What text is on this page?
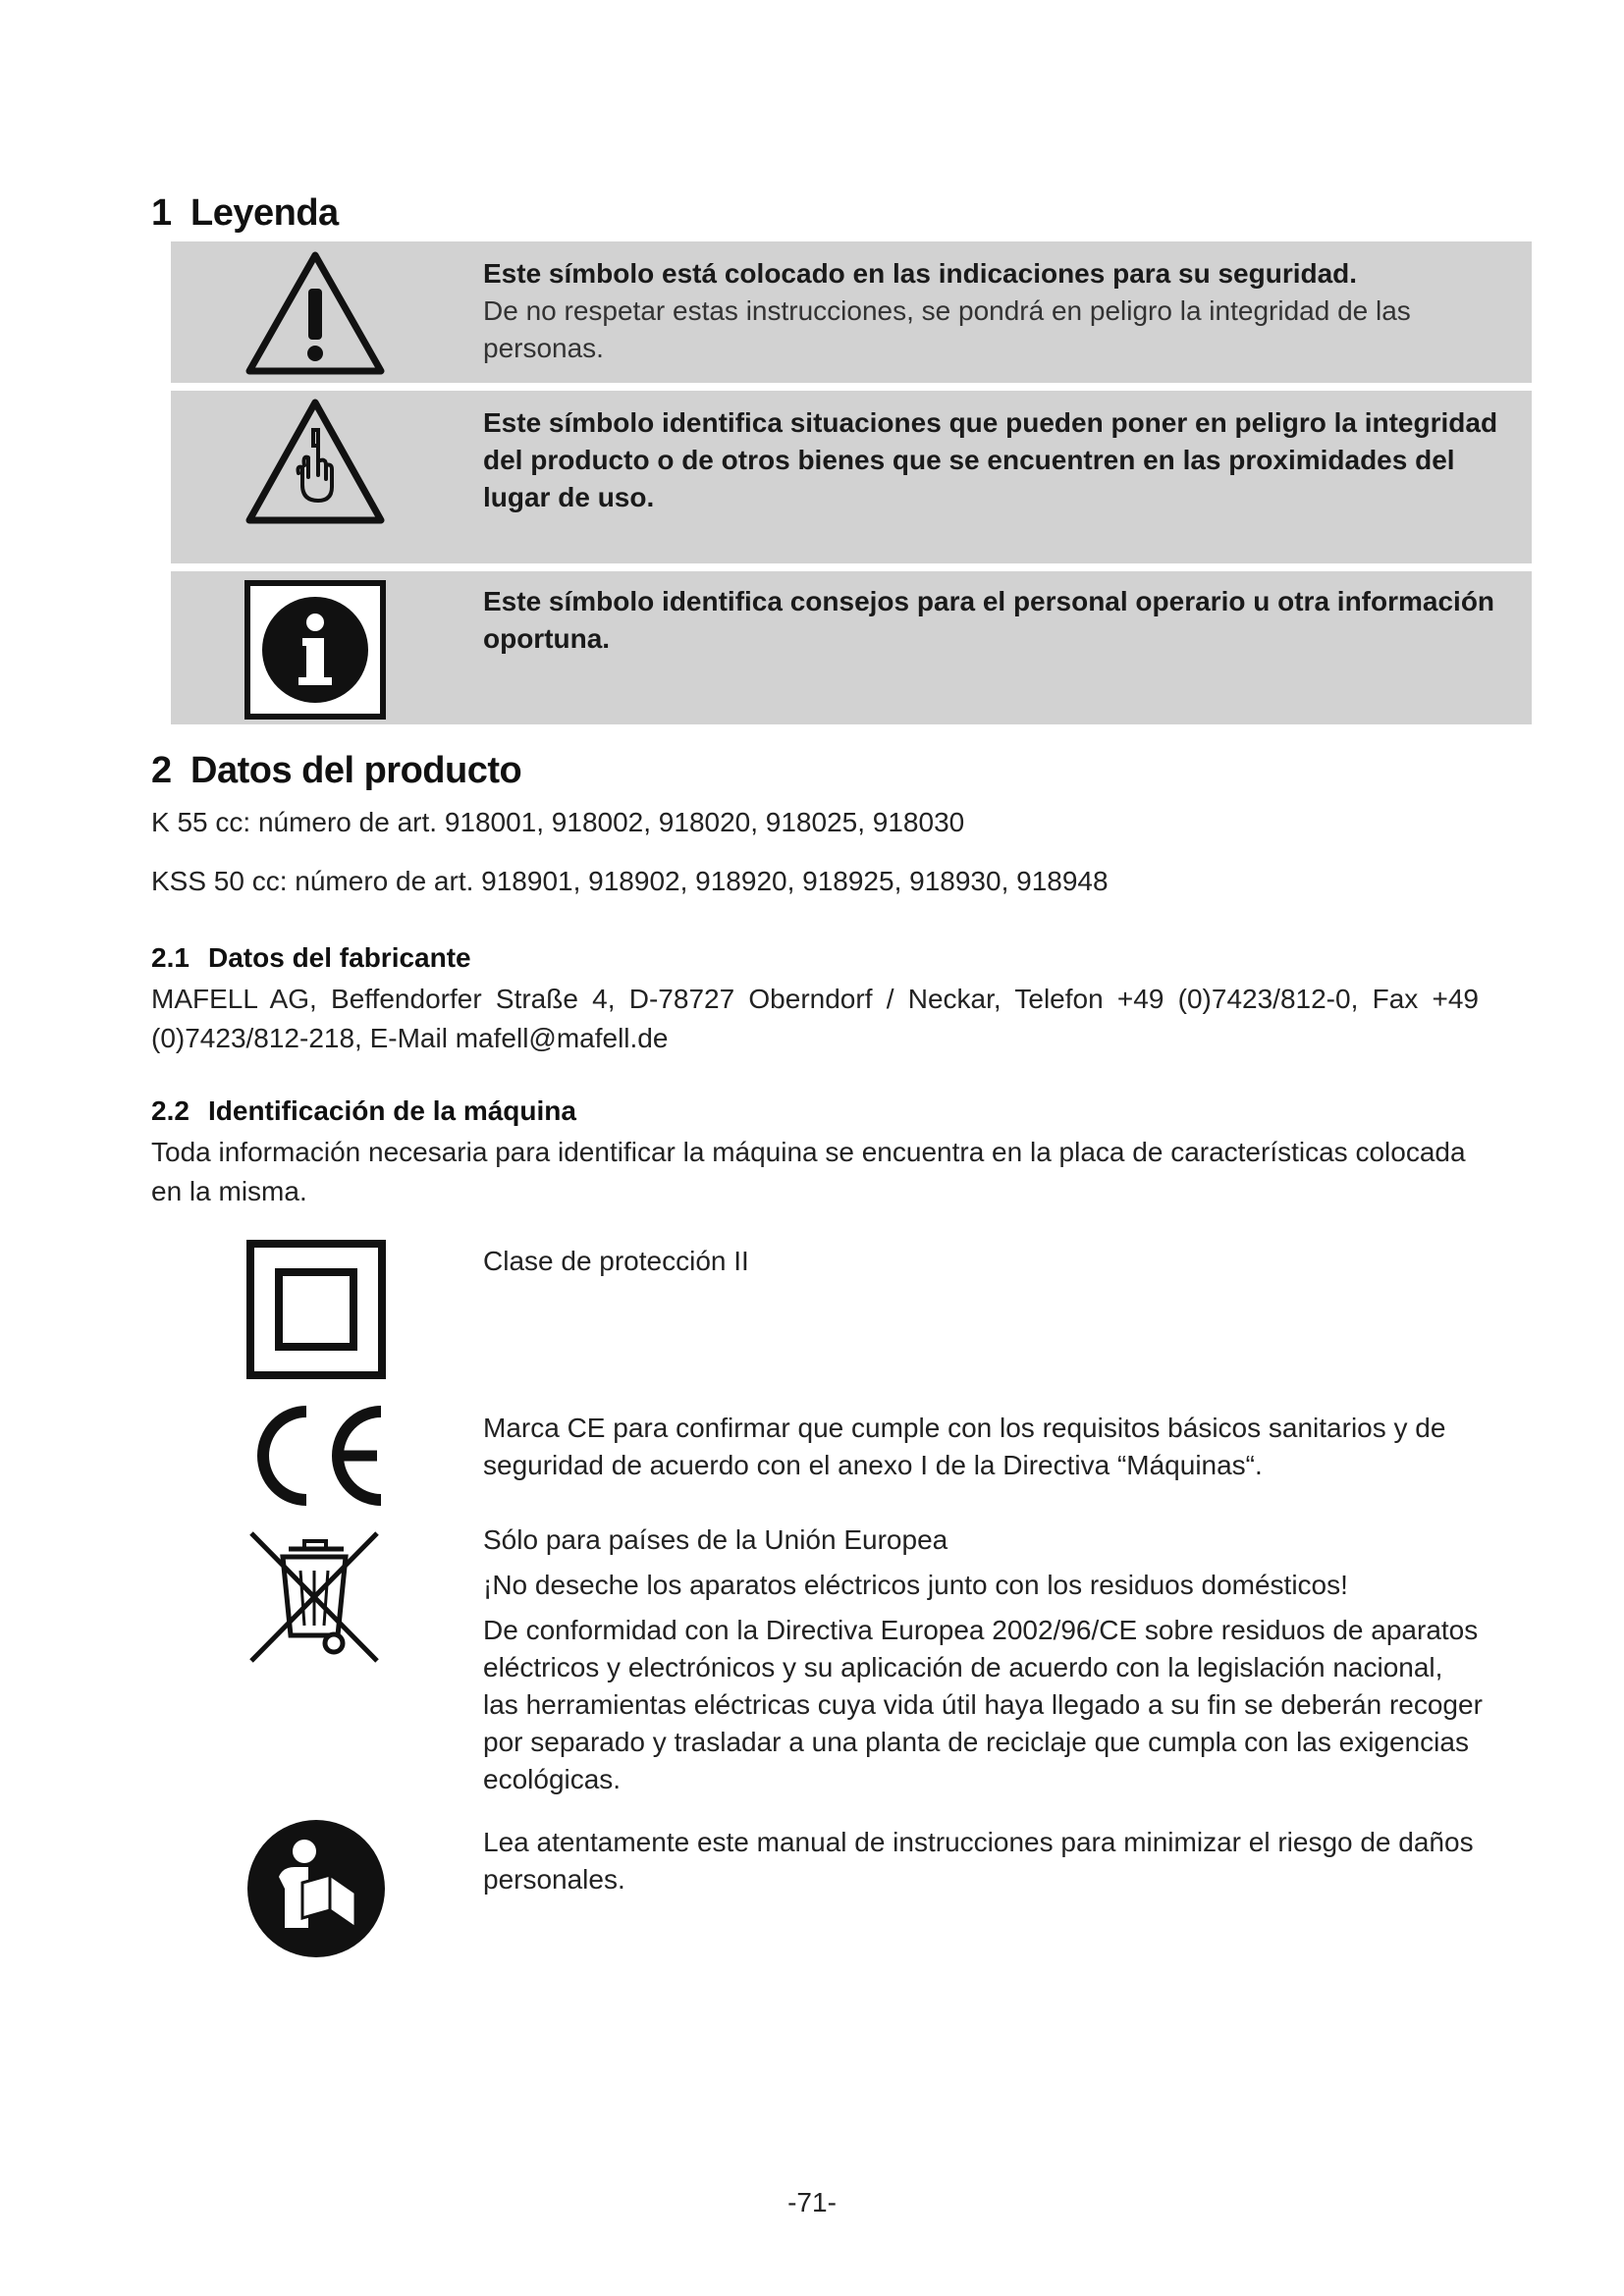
1 Leyenda
Este símbolo está colocado en las indicaciones para su seguridad.
De no respetar estas instrucciones, se pondrá en peligro la integridad de las personas.
Este símbolo identifica situaciones que pueden poner en peligro la integridad del producto o de otros bienes que se encuentren en las proximidades del lugar de uso.
Este símbolo identifica consejos para el personal operario u otra información oportuna.
2 Datos del producto

K 55 cc: número de art. 918001, 918002, 918020, 918025, 918030

KSS 50 cc: número de art. 918901, 918902, 918920, 918925, 918930, 918948

2.1 Datos del fabricante

MAFELL AG, Beffendorfer Straße 4, D-78727 Oberndorf / Neckar, Telefon +49 (0)7423/812-0, Fax +49 (0)7423/812-218, E-Mail mafell@mafell.de

2.2 Identificación de la máquina

Toda información necesaria para identificar la máquina se encuentra en la placa de características colocada en la misma.

Clase de protección II

Marca CE para confirmar que cumple con los requisitos básicos sanitarios y de seguridad de acuerdo con el anexo I de la Directiva “Máquinas“.

Sólo para países de la Unión Europea

¡No deseche los aparatos eléctricos junto con los residuos domésticos!

De conformidad con la Directiva Europea 2002/96/CE sobre residuos de aparatos eléctricos y electrónicos y su aplicación de acuerdo con la legislación nacional, las herramientas eléctricas cuya vida útil haya llegado a su fin se deberán recoger por separado y trasladar a una planta de reciclaje que cumpla con las exigencias ecológicas.

Lea atentamente este manual de instrucciones para minimizar el riesgo de daños personales.

-71-
